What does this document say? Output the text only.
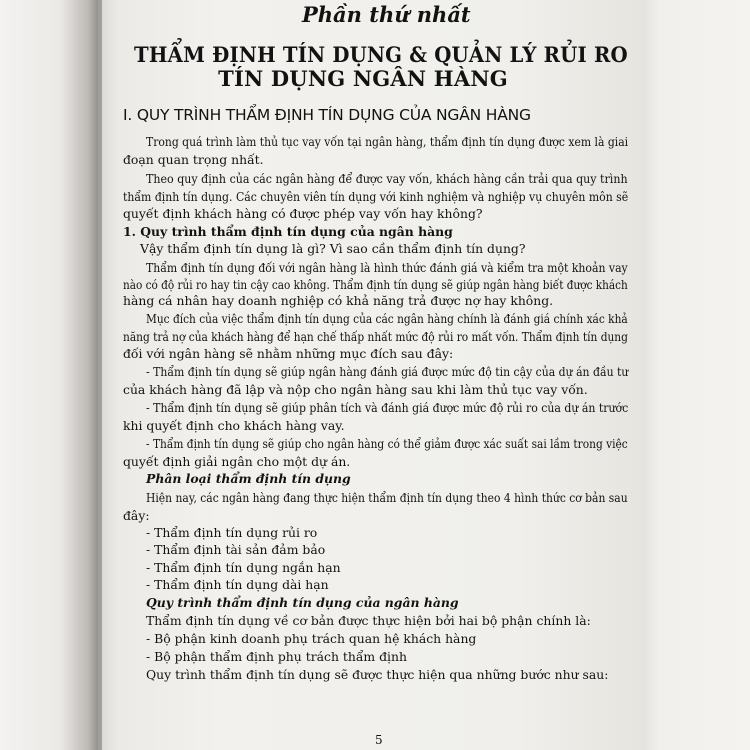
Phần thứ nhất
THẨM ĐỊNH TÍN DỤNG & QUẢN LÝ RỦI RO
TÍN DỤNG NGÂN HÀNG
I. QUY TRÌNH THẨM ĐỊNH TÍN DỤNG CỦA NGÂN HÀNG
Trong quá trình làm thủ tục vay vốn tại ngân hàng, thẩm định tín dụng được xem là giai
đoạn quan trọng nhất.
Theo quy định của các ngân hàng để được vay vốn, khách hàng cần trải qua quy trình
thẩm định tín dụng. Các chuyên viên tín dụng với kinh nghiệm và nghiệp vụ chuyên môn sẽ
quyết định khách hàng có được phép vay vốn hay không?
1. Quy trình thẩm định tín dụng của ngân hàng
Vậy thẩm định tín dụng là gì? Vì sao cần thẩm định tín dụng?
Thẩm định tín dụng đối với ngân hàng là hình thức đánh giá và kiểm tra một khoản vay
nào có độ rủi ro hay tin cậy cao không. Thẩm định tín dụng sẽ giúp ngân hàng biết được khách
hàng cá nhân hay doanh nghiệp có khả năng trả được nợ hay không.
Mục đích của việc thẩm định tín dụng của các ngân hàng chính là đánh giá chính xác khả
năng trả nợ của khách hàng để hạn chế thấp nhất mức độ rủi ro mất vốn. Thẩm định tín dụng
đối với ngân hàng sẽ nhằm những mục đích sau đây:
- Thẩm định tín dụng sẽ giúp ngân hàng đánh giá được mức độ tin cậy của dự án đầu tư
của khách hàng đã lập và nộp cho ngân hàng sau khi làm thủ tục vay vốn.
- Thẩm định tín dụng sẽ giúp phân tích và đánh giá được mức độ rủi ro của dự án trước
khi quyết định cho khách hàng vay.
- Thẩm định tín dụng sẽ giúp cho ngân hàng có thể giảm được xác suất sai lầm trong việc
quyết định giải ngân cho một dự án.
Phân loại thẩm định tín dụng
Hiện nay, các ngân hàng đang thực hiện thẩm định tín dụng theo 4 hình thức cơ bản sau
đây:
- Thẩm định tín dụng rủi ro
- Thẩm định tài sản đảm bảo
- Thẩm định tín dụng ngắn hạn
- Thẩm định tín dụng dài hạn
Quy trình thẩm định tín dụng của ngân hàng
Thẩm định tín dụng về cơ bản được thực hiện bởi hai bộ phận chính là:
- Bộ phận kinh doanh phụ trách quan hệ khách hàng
- Bộ phận thẩm định phụ trách thẩm định
Quy trình thẩm định tín dụng sẽ được thực hiện qua những bước như sau:
5
